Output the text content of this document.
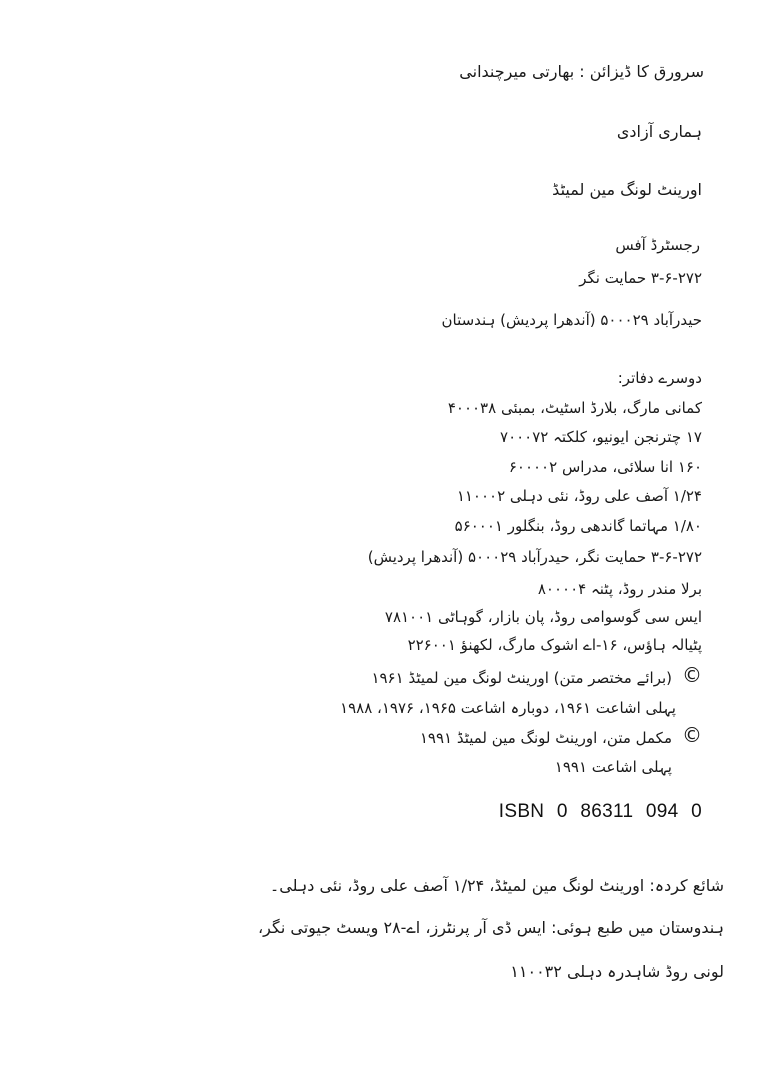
سرورق کا ڈیزائن : بھارتی میرچندانی
ہماری آزادی
اورینٹ لونگ مین لمیٹڈ
رجسٹرڈ آفس
۳-۶-۲۷۲ حمایت نگر
حیدرآباد ۵۰۰۰۲۹ (آندھرا پردیش) ہندستان
دوسرے دفاتر:
کمانی مارگ، بلارڈ اسٹیٹ، بمبئی ۴۰۰۰۳۸
۱۷ چترنجن ایونیو، کلکتہ ۷۰۰۰۷۲
۱۶۰ انا سلائی، مدراس ۶۰۰۰۰۲
۱/۲۴ آصف علی روڈ، نئی دہلی ۱۱۰۰۰۲
۱/۸۰ مہاتما گاندھی روڈ، بنگلور ۵۶۰۰۰۱
۳-۶-۲۷۲ حمایت نگر، حیدرآباد ۵۰۰۰۲۹ (آندھرا پردیش)
برلا مندر روڈ، پٹنہ ۸۰۰۰۰۴
ایس سی گوسوامی روڈ، پان بازار، گوہاٹی ۷۸۱۰۰۱
پٹیالہ ہاؤس، ۱۶-اے اشوک مارگ، لکھنؤ ۲۲۶۰۰۱
©
(برائے مختصر متن) اورینٹ لونگ مین لمیٹڈ ۱۹۶۱
پہلی اشاعت ۱۹۶۱، دوبارہ اشاعت ۱۹۶۵، ۱۹۷۶، ۱۹۸۸
©
مکمل متن، اورینٹ لونگ مین لمیٹڈ ۱۹۹۱
پہلی اشاعت ۱۹۹۱
ISBN 0 86311 094 0
شائع کردہ: اورینٹ لونگ مین لمیٹڈ، ۱/۲۴ آصف علی روڈ، نئی دہلی۔
ہندوستان میں طبع ہوئی: ایس ڈی آر پرنٹرز، اے-۲۸ ویسٹ جیوتی نگر،
لونی روڈ شاہدرہ دہلی ۱۱۰۰۳۲
